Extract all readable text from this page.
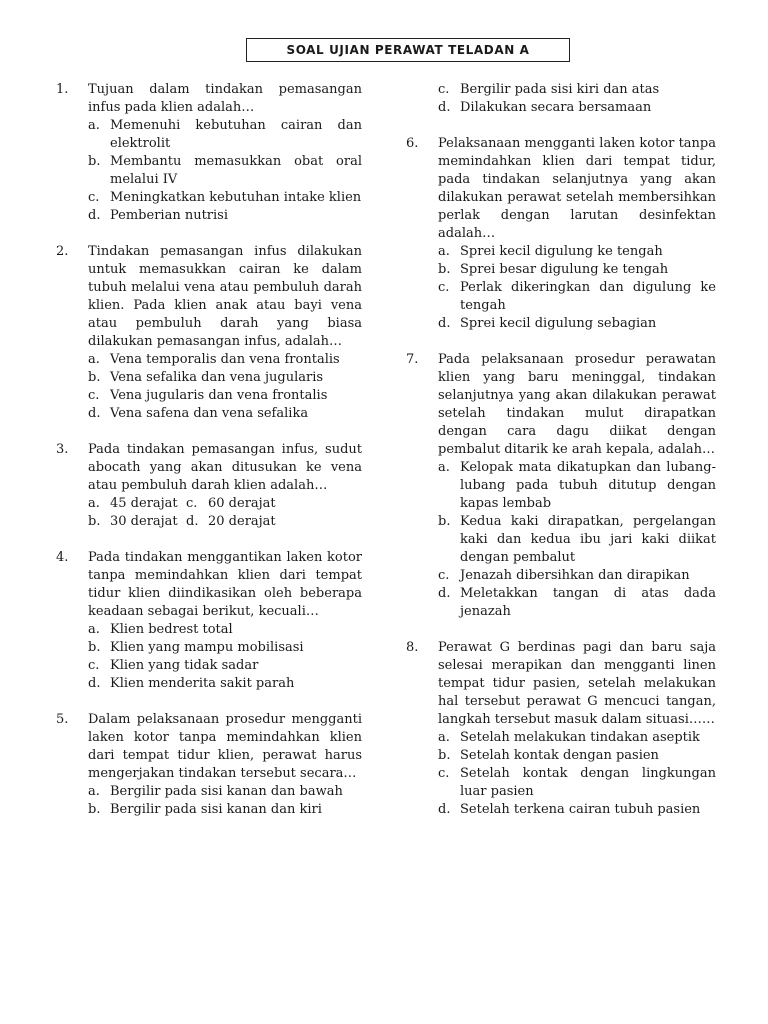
SOAL UJIAN PERAWAT TELADAN A
1.	Tujuan dalam tindakan pemasangan infus pada klien adalah…
a. Memenuhi kebutuhan cairan dan elektrolit
b. Membantu memasukkan obat oral melalui IV
c. Meningkatkan kebutuhan intake klien
d. Pemberian nutrisi
2.	Tindakan pemasangan infus dilakukan untuk memasukkan cairan ke dalam tubuh melalui vena atau pembuluh darah klien. Pada klien anak atau bayi vena atau pembuluh darah yang biasa dilakukan pemasangan infus, adalah…
a. Vena temporalis dan vena frontalis
b. Vena sefalika dan vena jugularis
c. Vena jugularis dan vena frontalis
d. Vena safena dan vena sefalika
3.	Pada tindakan pemasangan infus, sudut abocath yang akan ditusukan ke vena atau pembuluh darah klien adalah…
a. 45 derajat c. 60 derajat
b. 30 derajat d. 20 derajat
4.	Pada tindakan menggantikan laken kotor tanpa memindahkan klien dari tempat tidur klien diindikasikan oleh beberapa keadaan sebagai berikut, kecuali…
a. Klien bedrest total
b. Klien yang mampu mobilisasi
c. Klien yang tidak sadar
d. Klien menderita sakit parah
5.	Dalam pelaksanaan prosedur mengganti laken kotor tanpa memindahkan klien dari tempat tidur klien, perawat harus mengerjakan tindakan tersebut secara…
a. Bergilir pada sisi kanan dan bawah
b. Bergilir pada sisi kanan dan kiri
c. Bergilir pada sisi kiri dan atas
d. Dilakukan secara bersamaan
6.	Pelaksanaan mengganti laken kotor tanpa memindahkan klien dari tempat tidur, pada tindakan selanjutnya yang akan dilakukan perawat setelah membersihkan perlak dengan larutan desinfektan adalah…
a. Sprei kecil digulung ke tengah
b. Sprei besar digulung ke tengah
c. Perlak dikeringkan dan digulung ke tengah
d. Sprei kecil digulung sebagian
7.	Pada pelaksanaan prosedur perawatan klien yang baru meninggal, tindakan selanjutnya yang akan dilakukan perawat setelah tindakan mulut dirapatkan dengan cara dagu diikat dengan pembalut ditarik ke arah kepala, adalah…
a. Kelopak mata dikatupkan dan lubang-lubang pada tubuh ditutup dengan kapas lembab
b. Kedua kaki dirapatkan, pergelangan kaki dan kedua ibu jari kaki diikat dengan pembalut
c. Jenazah dibersihkan dan dirapikan
d. Meletakkan tangan di atas dada jenazah
8.	Perawat G berdinas pagi dan baru saja selesai merapikan dan mengganti linen tempat tidur pasien, setelah melakukan hal tersebut perawat G mencuci tangan, langkah tersebut masuk dalam situasi……
a. Setelah melakukan tindakan aseptik
b. Setelah kontak dengan pasien
c. Setelah kontak dengan lingkungan luar pasien
d. Setelah terkena cairan tubuh pasien
